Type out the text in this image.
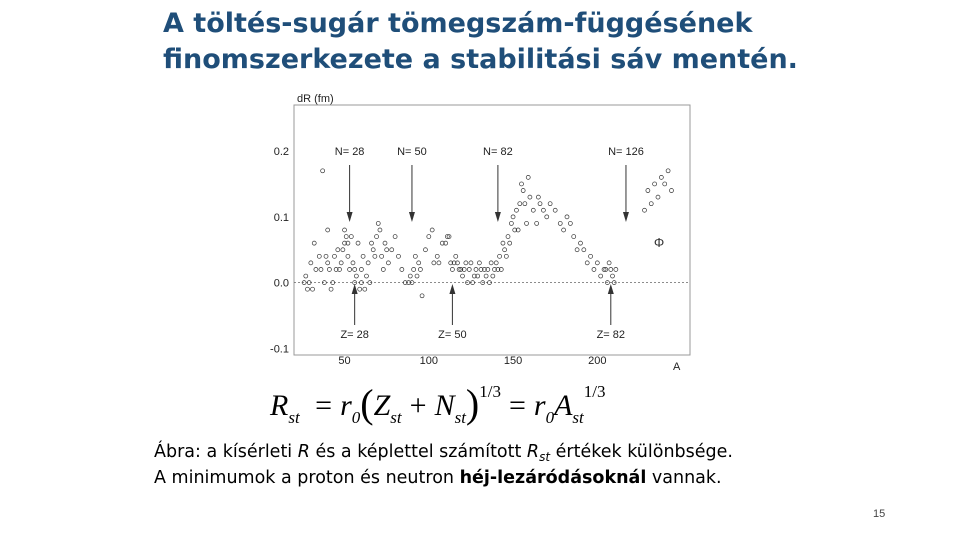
A töltés-sugár tömegszám-függésének
finomszerkezete a stabilitási sáv mentén.
dR (fm)
A
0.2
0.1
0.0
-0.1
50	100	150	200
N= 28	N= 50	N= 82	N= 126
Z= 28	Z= 50	Z= 82
Φ
$R_{st} = r_0(Z_{st} + N_{st})^{1/3} = r_0A_{st}^{1/3}$
Ábra: a kísérleti R és a képlettel számított $R_{st}$ értékek különbsége.
A minimumok a proton és neutron héj-lezáródásoknál vannak.
15
